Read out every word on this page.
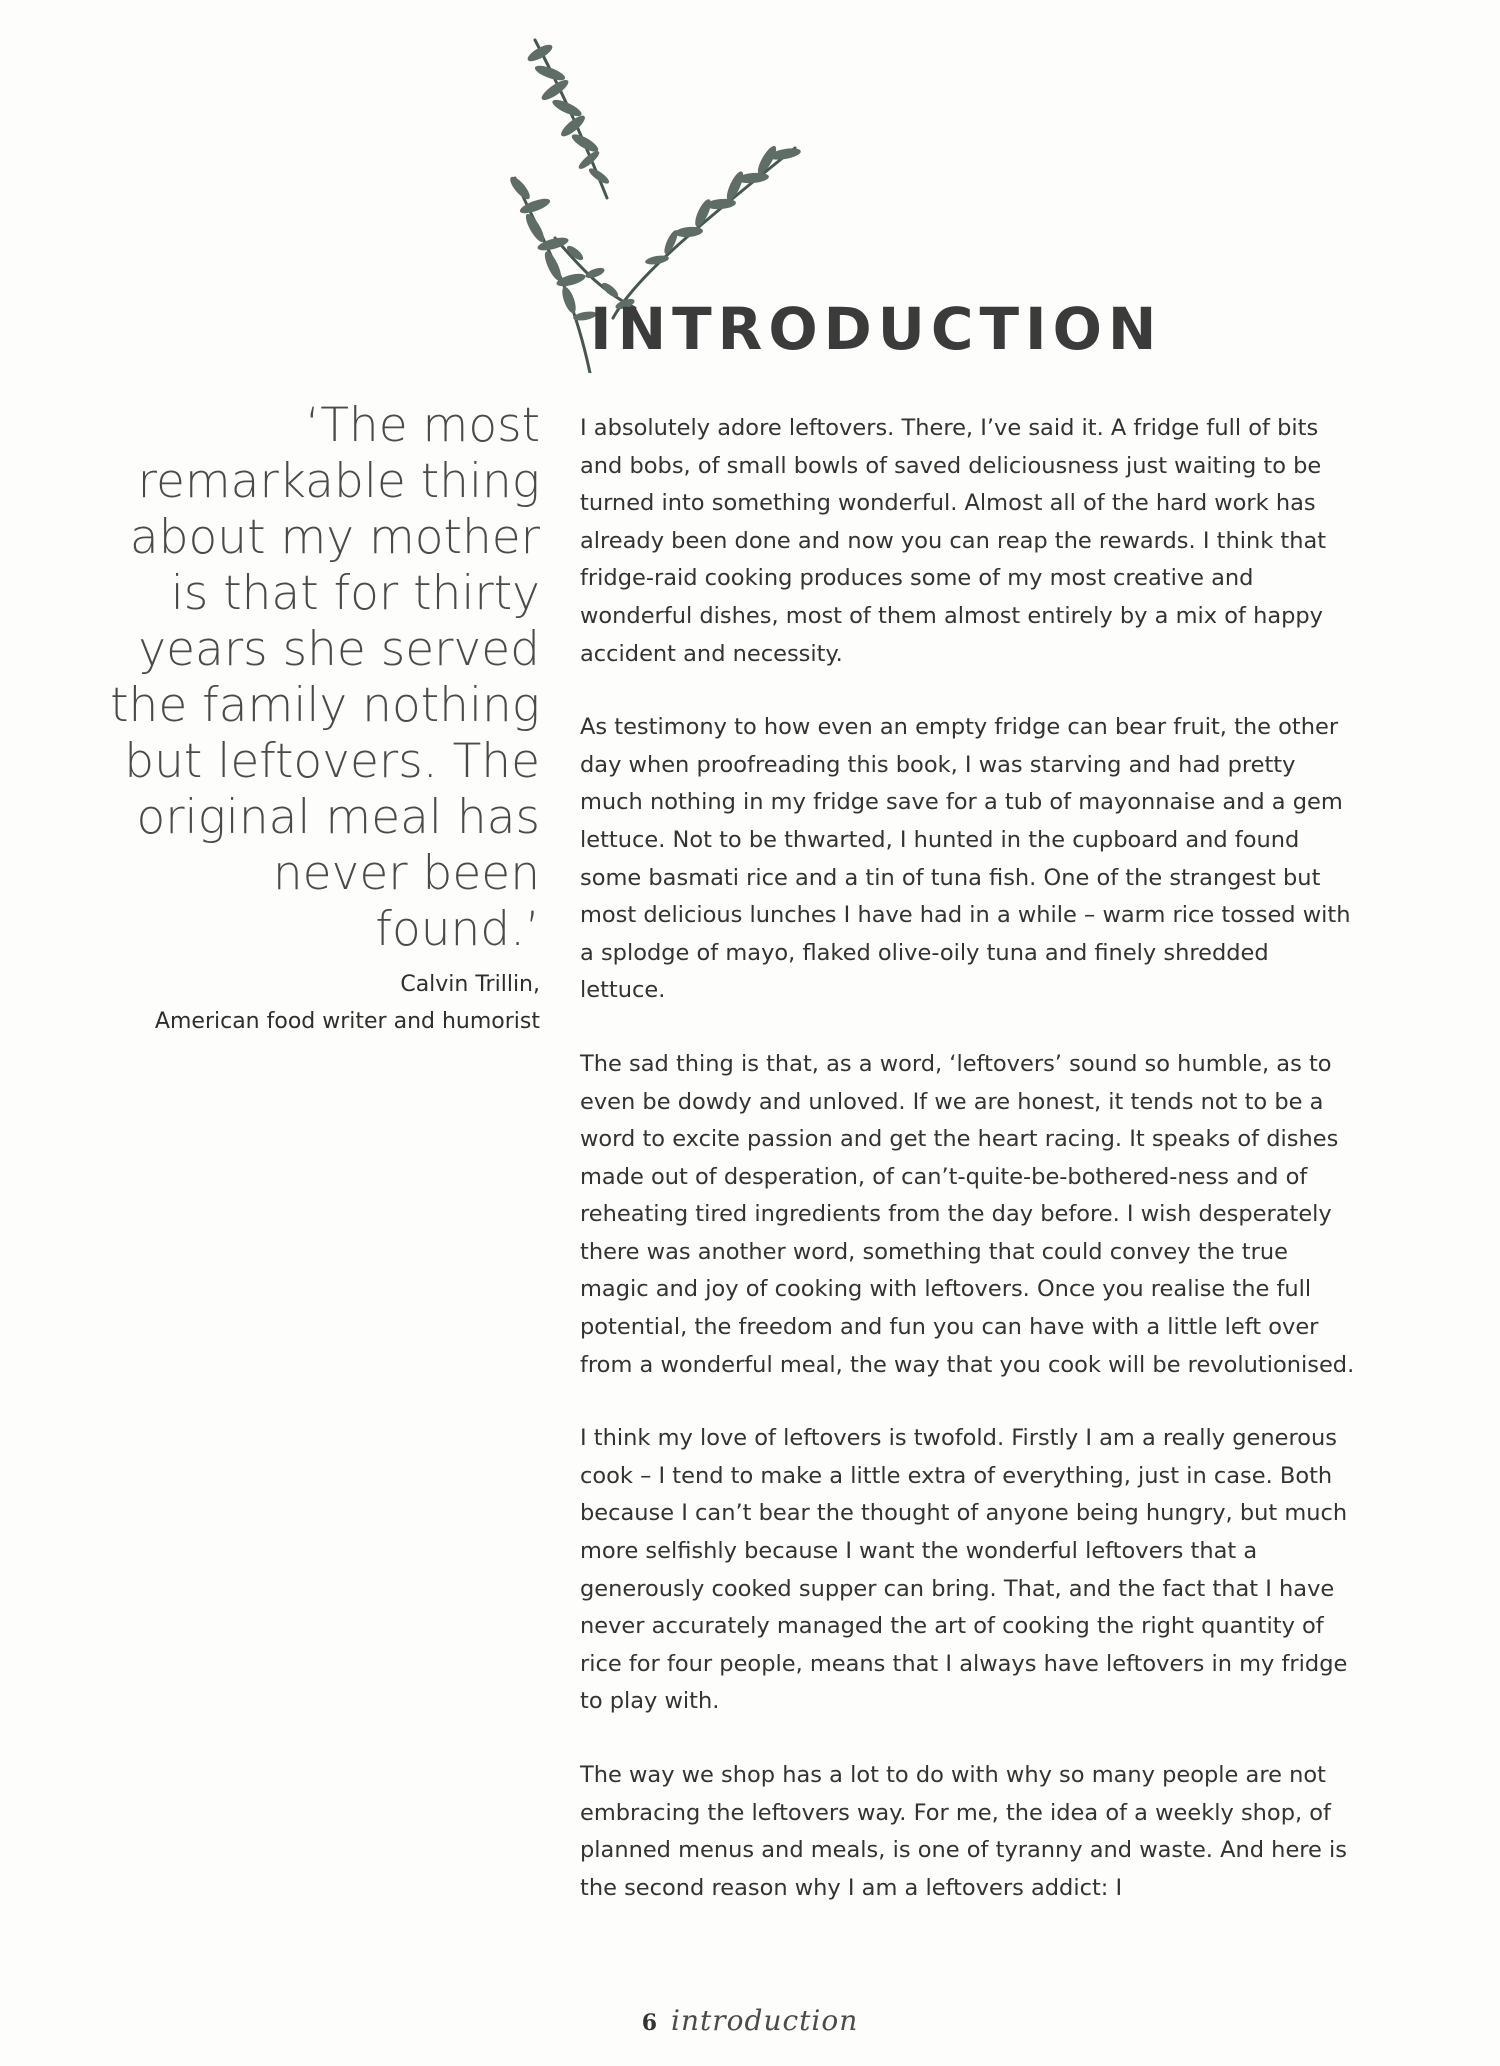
INTRODUCTION

‘The most remarkable thing about my mother is that for thirty years she served the family nothing but leftovers. The original meal has never been found.’

Calvin Trillin,

American food writer and humorist

I absolutely adore leftovers. There, I’ve said it. A fridge full of bits and bobs, of small bowls of saved deliciousness just waiting to be turned into something wonderful. Almost all of the hard work has already been done and now you can reap the rewards. I think that fridge-raid cooking produces some of my most creative and wonderful dishes, most of them almost entirely by a mix of happy accident and necessity.

As testimony to how even an empty fridge can bear fruit, the other day when proofreading this book, I was starving and had pretty much nothing in my fridge save for a tub of mayonnaise and a gem lettuce. Not to be thwarted, I hunted in the cupboard and found some basmati rice and a tin of tuna fish. One of the strangest but most delicious lunches I have had in a while – warm rice tossed with a splodge of mayo, flaked olive-oily tuna and finely shredded lettuce.

The sad thing is that, as a word, ‘leftovers’ sound so humble, as to even be dowdy and unloved. If we are honest, it tends not to be a word to excite passion and get the heart racing. It speaks of dishes made out of desperation, of can’t-quite-be-bothered-ness and of reheating tired ingredients from the day before. I wish desperately there was another word, something that could convey the true magic and joy of cooking with leftovers. Once you realise the full potential, the freedom and fun you can have with a little left over from a wonderful meal, the way that you cook will be revolutionised.

I think my love of leftovers is twofold. Firstly I am a really generous cook – I tend to make a little extra of everything, just in case. Both because I can’t bear the thought of anyone being hungry, but much more selfishly because I want the wonderful leftovers that a generously cooked supper can bring. That, and the fact that I have never accurately managed the art of cooking the right quantity of rice for four people, means that I always have leftovers in my fridge to play with.

The way we shop has a lot to do with why so many people are not embracing the leftovers way. For me, the idea of a weekly shop, of planned menus and meals, is one of tyranny and waste. And here is the second reason why I am a leftovers addict: I

6 introduction
